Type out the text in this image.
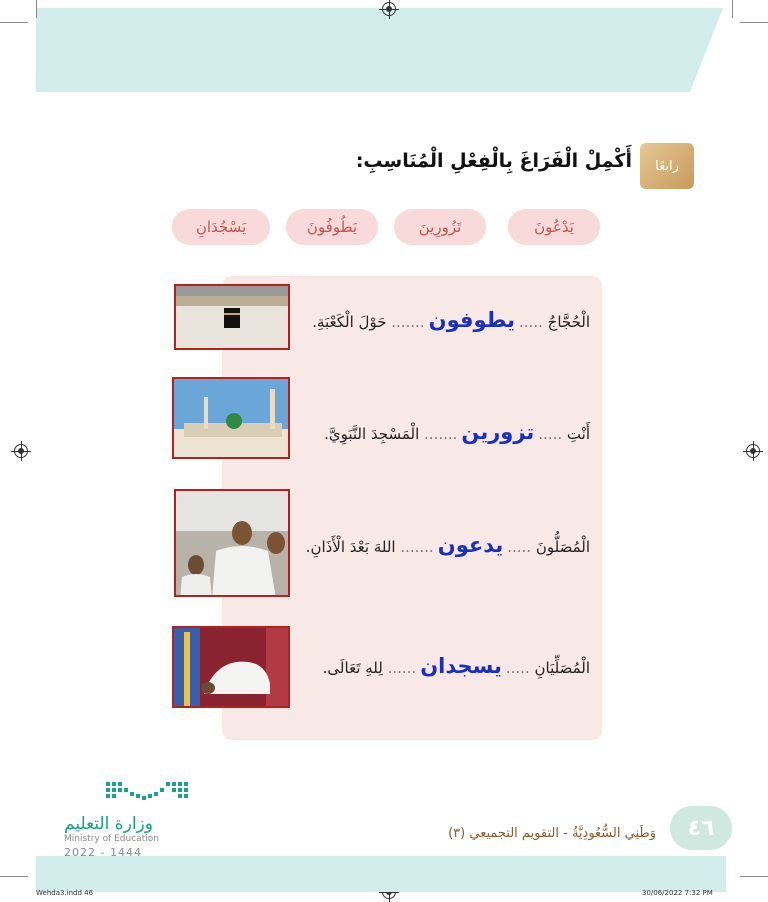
رابعًا
أَكْمِلْ الْفَرَاغَ بِالْفِعْلِ الْمُنَاسِبِ:
يَدْعُونَ
تَزُورِينَ
يَطُوفُونَ
يَسْجُدَانِ
الْحُجَّاجُ .....يطوفون....... حَوْلَ الْكَعْبَةِ.
أَنْتِ .....تزورين....... الْمَسْجِدَ النَّبَوِيَّ.
الْمُصَلُّونَ .....يدعون....... اللهَ بَعْدَ الْأَذَانِ.
الْمُصَلِّيَانِ .....يسجدان...... لِلهِ تَعَالَى.
٤٦
وَطَنِي السُّعُودِيَّةُ - التقويم التجميعي (٣)
وزارة التعليم
Ministry of Education
2022 - 1444
Wehda3.indd 46	30/06/2022 7:32 PM
